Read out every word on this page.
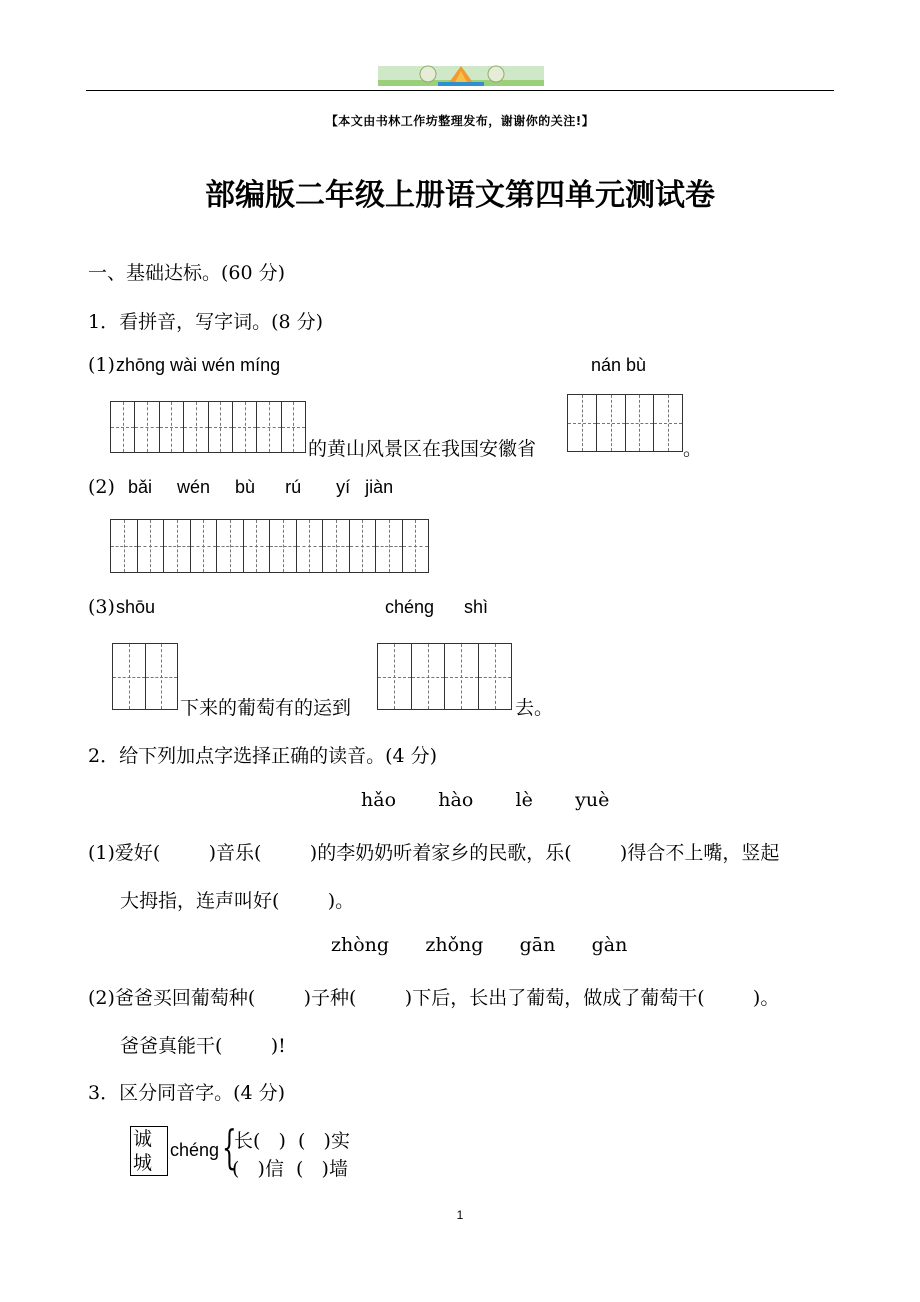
【本文由书林工作坊整理发布，谢谢你的关注!】
部编版二年级上册语文第四单元测试卷
一、基础达标。(60 分)
1．看拼音，写字词。(8 分)
(1) zhōng wài wén míng	nán bù
的黄山风景区在我国安徽省	。
(2) bǎi     wén     bù      rú       yí   jiàn
(3) shōu	chéng      shì
下来的葡萄有的运到	去。
2．给下列加点字选择正确的读音。(4 分)
hǎo       hào       lè       yuè
(1)爱好(        )音乐(        )的李奶奶听着家乡的民歌，乐(        )得合不上嘴，竖起
大拇指，连声叫好(        )。
zhòng      zhǒng      gān      gàn
(2)爸爸买回葡萄种(        )子种(        )下后，长出了葡萄，做成了葡萄干(        )。
爸爸真能干(        )!
3．区分同音字。(4 分)
诚
城
chéng {
长(   )  (   )实
(   )信  (   )墙
1
